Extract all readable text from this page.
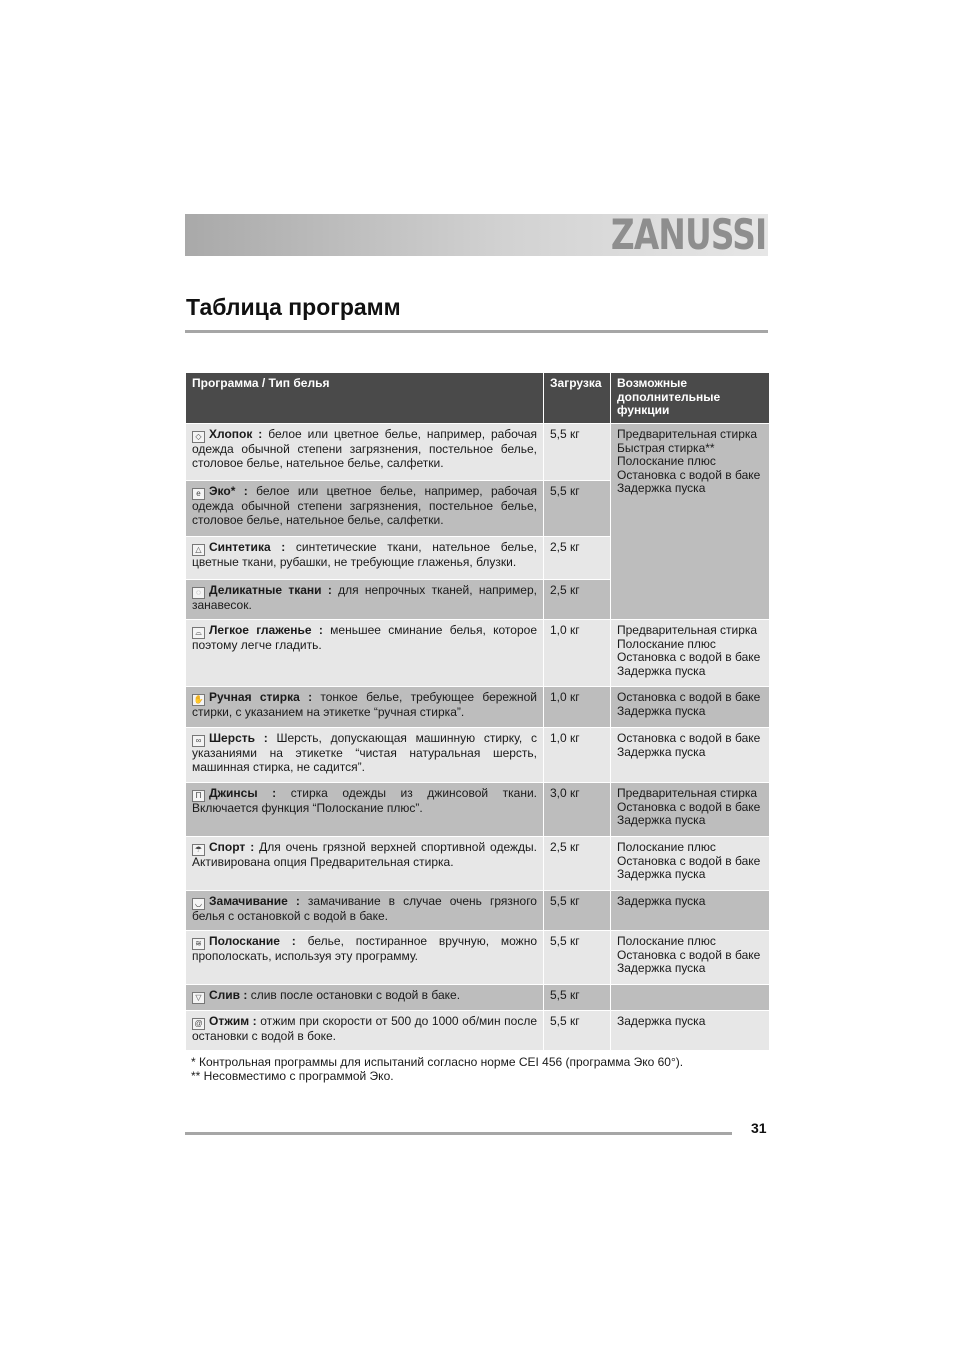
ZANUSSI
Таблица программ
Программа / Тип белья	Загрузка	Возможные дополнительные функции
◇ Хлопок : белое или цветное белье, например, рабочая одежда обычной степени загрязнения, постельное белье, столовое белье, нательное белье, салфетки.	5,5 кг	Предварительная стирка
Быстрая стирка**
Полоскание плюс
Остановка с водой в баке
Задержка пуска

e Эко* : белое или цветное белье, например, рабочая одежда обычной степени загрязнения, постельное белье, столовое белье, нательное белье, салфетки.	5,5 кг	
△ Синтетика : синтетические ткани, нательное белье, цветные ткани, рубашки, не требующие глаженья, блузки.	2,5 кг	
◌ Деликатные ткани : для непрочных тканей, например, занавесок.	2,5 кг	
⌓ Легкое глаженье : меньшее сминание белья, которое поэтому легче гладить.	1,0 кг	Предварительная стирка
Полоскание плюс
Остановка с водой в баке
Задержка пуска

✋ Ручная стирка : тонкое белье, требующее бережной стирки, с указанием на этикетке “ручная стирка”.	1,0 кг	Остановка с водой в баке
Задержка пуска

∞ Шерсть : Шерсть, допускающая машинную стирку, с указаниями на этикетке “чистая натуральная шерсть, машинная стирка, не садится”.	1,0 кг	Остановка с водой в баке
Задержка пуска

Π Джинсы : стирка одежды из джинсовой ткани. Включается функция “Полоскание плюс”.	3,0 кг	Предварительная стирка
Остановка с водой в баке
Задержка пуска

☂ Спорт : Для очень грязной верхней спортивной одежды. Активирована опция Предварительная стирка.	2,5 кг	Полоскание плюс
Остановка с водой в баке
Задержка пуска

◡ Замачивание : замачивание в случае очень грязного белья с остановкой с водой в баке.	5,5 кг	Задержка пуска

≋ Полоскание : белье, постиранное вручную, можно прополоскать, используя эту программу.	5,5 кг	Полоскание плюс
Остановка с водой в баке
Задержка пуска

▽ Слив : слив после остановки с водой в баке.	5,5 кг	
@ Отжим : отжим при скорости от 500 до 1000 об/мин после остановки с водой в боке.	5,5 кг	Задержка пуска
* Контрольная программы для испытаний согласно норме CEI 456 (программа Эко 60°).
** Несовместимо с программой Эко.
31
